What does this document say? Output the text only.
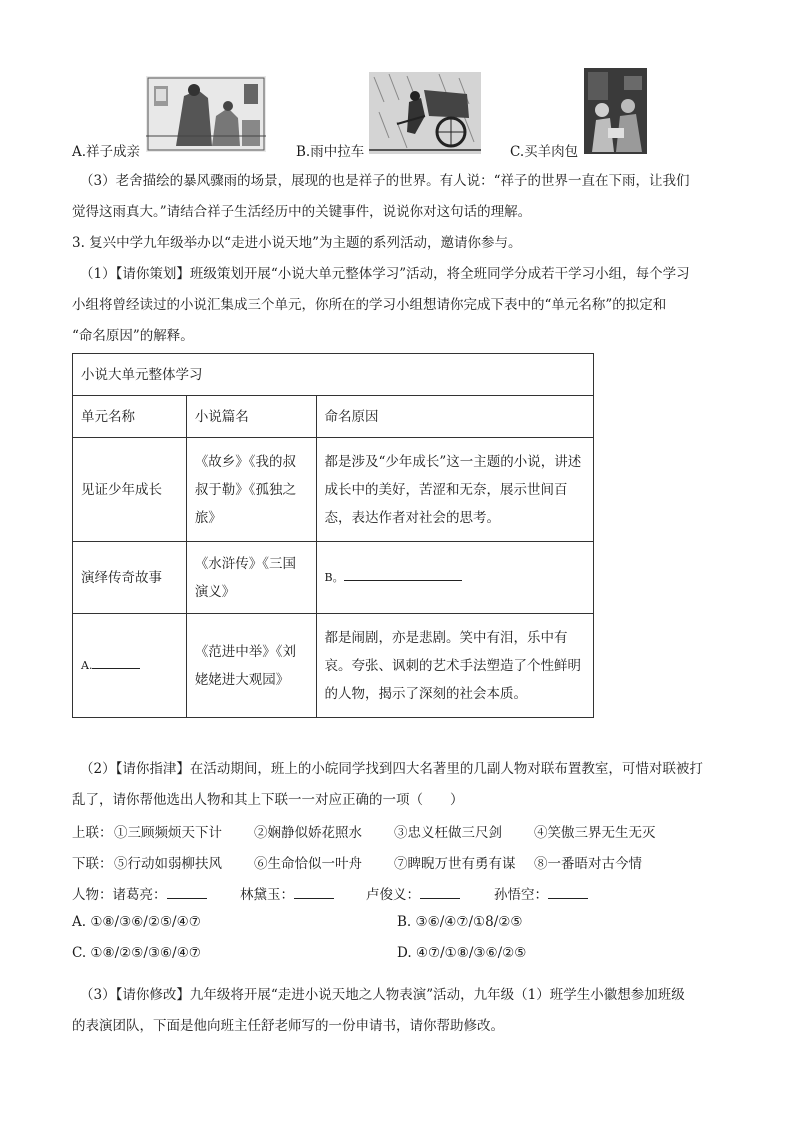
A.祥子成亲	B.雨中拉车	C.买羊肉包
（3）老舍描绘的暴风骤雨的场景，展现的也是祥子的世界。有人说：“祥子的世界一直在下雨，让我们
觉得这雨真大。”请结合祥子生活经历中的关键事件，说说你对这句话的理解。
3. 复兴中学九年级举办以“走进小说天地”为主题的系列活动，邀请你参与。
（1）【请你策划】班级策划开展“小说大单元整体学习”活动，将全班同学分成若干学习小组，每个学习
小组将曾经读过的小说汇集成三个单元，你所在的学习小组想请你完成下表中的“单元名称”的拟定和
“命名原因”的解释。
小说大单元整体学习		
单元名称	小说篇名	命名原因
见证少年成长	《故乡》《我的叔叔于勒》《孤独之旅》	都是涉及“少年成长”这一主题的小说，讲述成长中的美好，苦涩和无奈，展示世间百态，表达作者对社会的思考。
演绎传奇故事	《水浒传》《三国演义》	B。
A.	《范进中举》《刘姥姥进大观园》	都是闹剧，亦是悲剧。笑中有泪，乐中有哀。夸张、讽刺的艺术手法塑造了个性鲜明的人物，揭示了深刻的社会本质。
（2）【请你指津】在活动期间，班上的小皖同学找到四大名著里的几副人物对联布置教室，可惜对联被打
乱了，请你帮他选出人物和其上下联一一对应正确的一项（　　）
上联： ①三顾频烦天下计 ②娴静似娇花照水 ③忠义枉做三尺剑 ④笑傲三界无生无灭
下联： ⑤行动如弱柳扶风 ⑥生命恰似一叶舟 ⑦睥睨万世有勇有谋 ⑧一番晤对古今情
人物：诸葛亮：	林黛玉：	卢俊义：	孙悟空：
A. ①⑧/③⑥/②⑤/④⑦	B. ③⑥/④⑦/①8/②⑤
C. ①⑧/②⑤/③⑥/④⑦	D. ④⑦/①⑧/③⑥/②⑤
（3）【请你修改】九年级将开展“走进小说天地之人物表演”活动，九年级（1）班学生小徽想参加班级
的表演团队，下面是他向班主任舒老师写的一份申请书，请你帮助修改。
